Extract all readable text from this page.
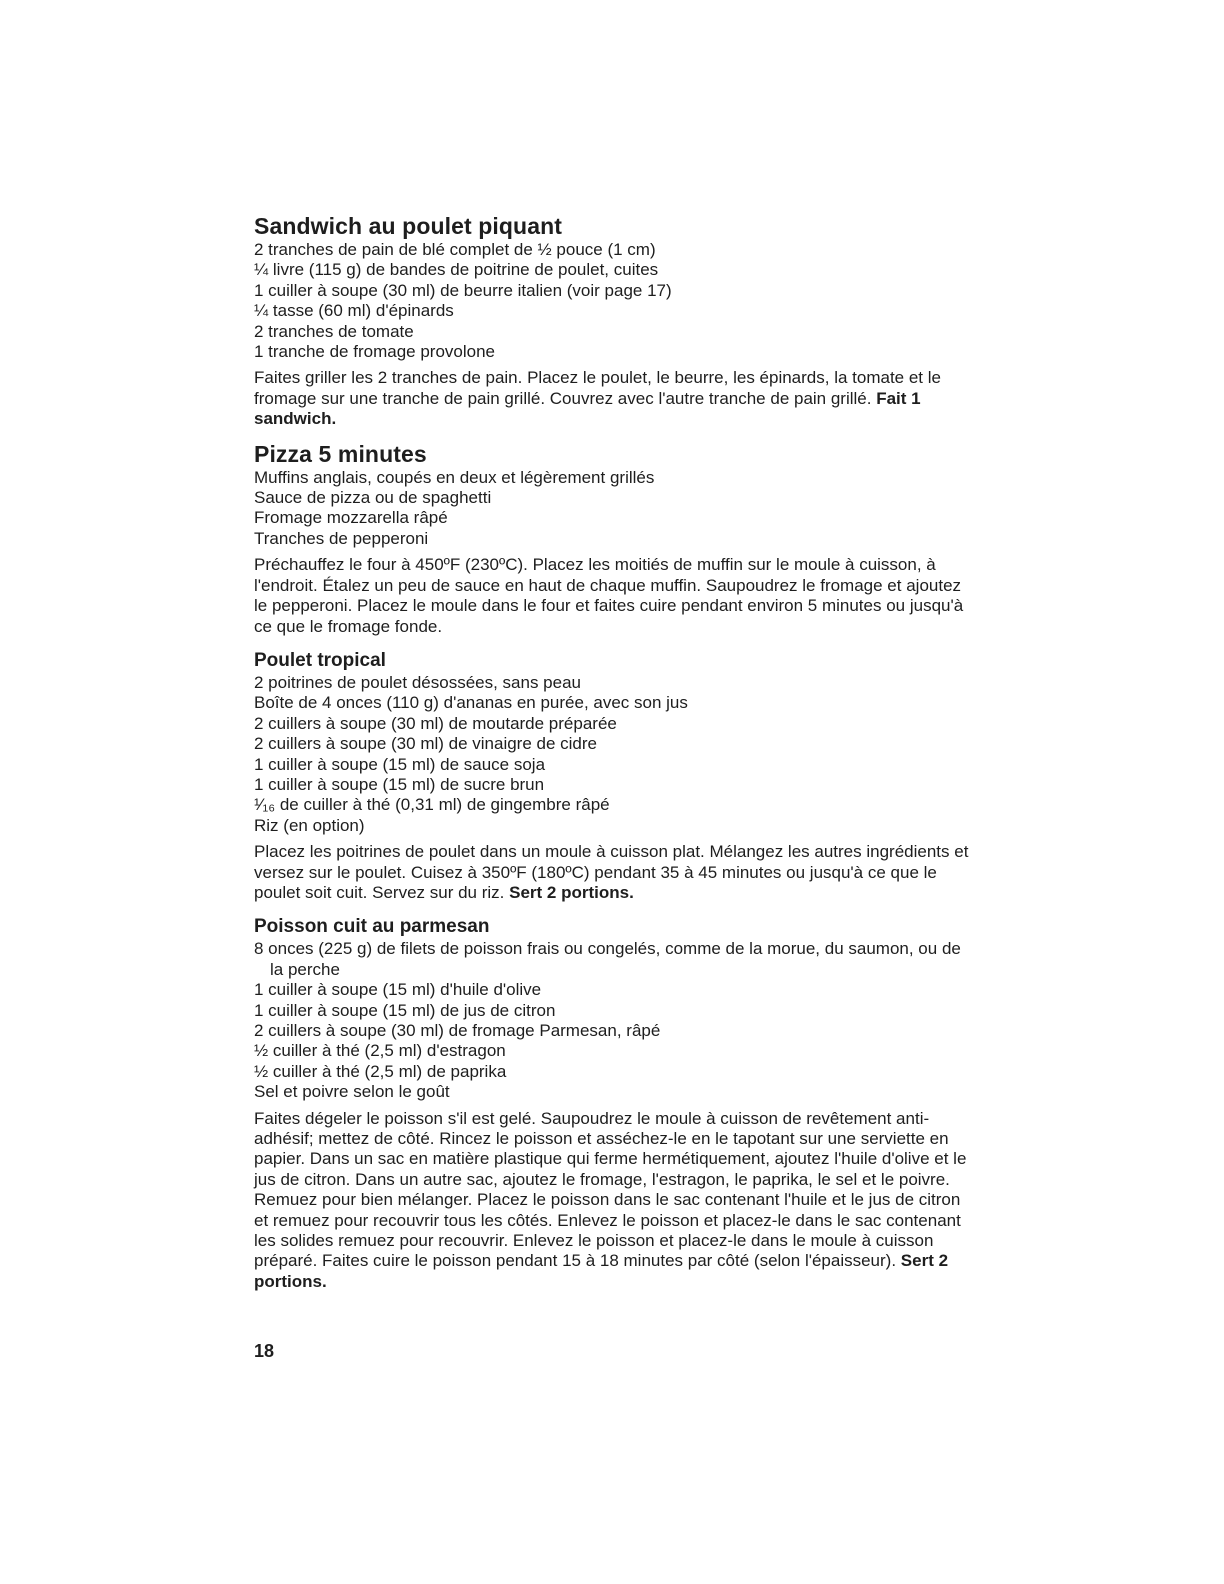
Sandwich au poulet piquant
2 tranches de pain de blé complet de ½ pouce (1 cm)
¼ livre (115 g) de bandes de poitrine de poulet, cuites
1 cuiller à soupe (30 ml) de beurre italien (voir page 17)
¼ tasse (60 ml) d'épinards
2 tranches de tomate
1 tranche de fromage provolone

Faites griller les 2 tranches de pain. Placez le poulet, le beurre, les épinards, la tomate et le fromage sur une tranche de pain grillé. Couvrez avec l'autre tranche de pain grillé. Fait 1 sandwich.

Pizza 5 minutes
Muffins anglais, coupés en deux et légèrement grillés
Sauce de pizza ou de spaghetti
Fromage mozzarella râpé
Tranches de pepperoni

Préchauffez le four à 450ºF (230ºC). Placez les moitiés de muffin sur le moule à cuisson, à l'endroit. Étalez un peu de sauce en haut de chaque muffin. Saupoudrez le fromage et ajoutez le pepperoni. Placez le moule dans le four et faites cuire pendant environ 5 minutes ou jusqu'à ce que le fromage fonde.

Poulet tropical
2 poitrines de poulet désossées, sans peau
Boîte de 4 onces (110 g) d'ananas en purée, avec son jus
2 cuillers à soupe (30 ml) de moutarde préparée
2 cuillers à soupe (30 ml) de vinaigre de cidre
1 cuiller à soupe (15 ml) de sauce soja
1 cuiller à soupe (15 ml) de sucre brun
¹⁄₁₆ de cuiller à thé (0,31 ml) de gingembre râpé
Riz (en option)

Placez les poitrines de poulet dans un moule à cuisson plat. Mélangez les autres ingrédients et versez sur le poulet. Cuisez à 350ºF (180ºC) pendant 35 à 45 minutes ou jusqu'à ce que le poulet soit cuit. Servez sur du riz. Sert 2 portions.

Poisson cuit au parmesan
8 onces (225 g) de filets de poisson frais ou congelés, comme de la morue, du saumon, ou de la perche
1 cuiller à soupe (15 ml) d'huile d'olive
1 cuiller à soupe (15 ml) de jus de citron
2 cuillers à soupe (30 ml) de fromage Parmesan, râpé
½ cuiller à thé (2,5 ml) d'estragon
½ cuiller à thé (2,5 ml) de paprika
Sel et poivre selon le goût

Faites dégeler le poisson s'il est gelé. Saupoudrez le moule à cuisson de revêtement anti-adhésif; mettez de côté. Rincez le poisson et asséchez-le en le tapotant sur une serviette en papier. Dans un sac en matière plastique qui ferme hermétiquement, ajoutez l'huile d'olive et le jus de citron. Dans un autre sac, ajoutez le fromage, l'estragon, le paprika, le sel et le poivre. Remuez pour bien mélanger. Placez le poisson dans le sac contenant l'huile et le jus de citron et remuez pour recouvrir tous les côtés. Enlevez le poisson et placez-le dans le sac contenant les solides remuez pour recouvrir. Enlevez le poisson et placez-le dans le moule à cuisson préparé. Faites cuire le poisson pendant 15 à 18 minutes par côté (selon l'épaisseur). Sert 2 portions.

18
